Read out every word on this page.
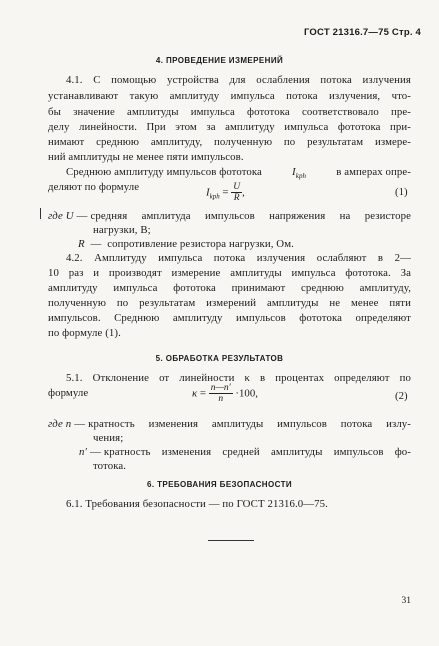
ГОСТ 21316.7—75 Стр. 4
4. ПРОВЕДЕНИЕ ИЗМЕРЕНИЙ
4.1. С помощью устройства для ослабления потока излучения
устанавливают такую амплитуду импульса потока излучения, что-
бы значение амплитуды импульса фототока соответствовало пре-
делу линейности. При этом за амплитуду импульса фототока при-
нимают среднюю амплитуду, полученную по результатам измере-
ний амплитуды не менее пяти импульсов.
Среднюю амплитуду импульсов фототока	$I_{kph}$	в амперах опре-
деляют по формуле	$I_{kph} = \frac{U}{R}$ ,	(1)
где U — средняя амплитуда импульсов напряжения на резисторе
нагрузки, В;
R — сопротивление резистора нагрузки, Ом.
4.2. Амплитуду импульса потока излучения ослабляют в 2—
10 раз и производят измерение амплитуды импульса фототока. За
амплитуду импульса фототока принимают среднюю амплитуду,
полученную по результатам измерений амплитуды не менее пяти
импульсов. Среднюю амплитуду импульсов фототока определяют
по формуле (1).
5. ОБРАБОТКА РЕЗУЛЬТАТОВ
5.1. Отклонение от линейности κ в процентах определяют по
формуле	$\kappa = \frac{n—n'}{n} \cdot 100$,	(2)
где n — кратность изменения амплитуды импульсов потока излу-
чения;
n′ — кратность изменения средней амплитуды импульсов фо-
тотока.
6. ТРЕБОВАНИЯ БЕЗОПАСНОСТИ
6.1. Требования безопасности — по ГОСТ 21316.0—75.
31
